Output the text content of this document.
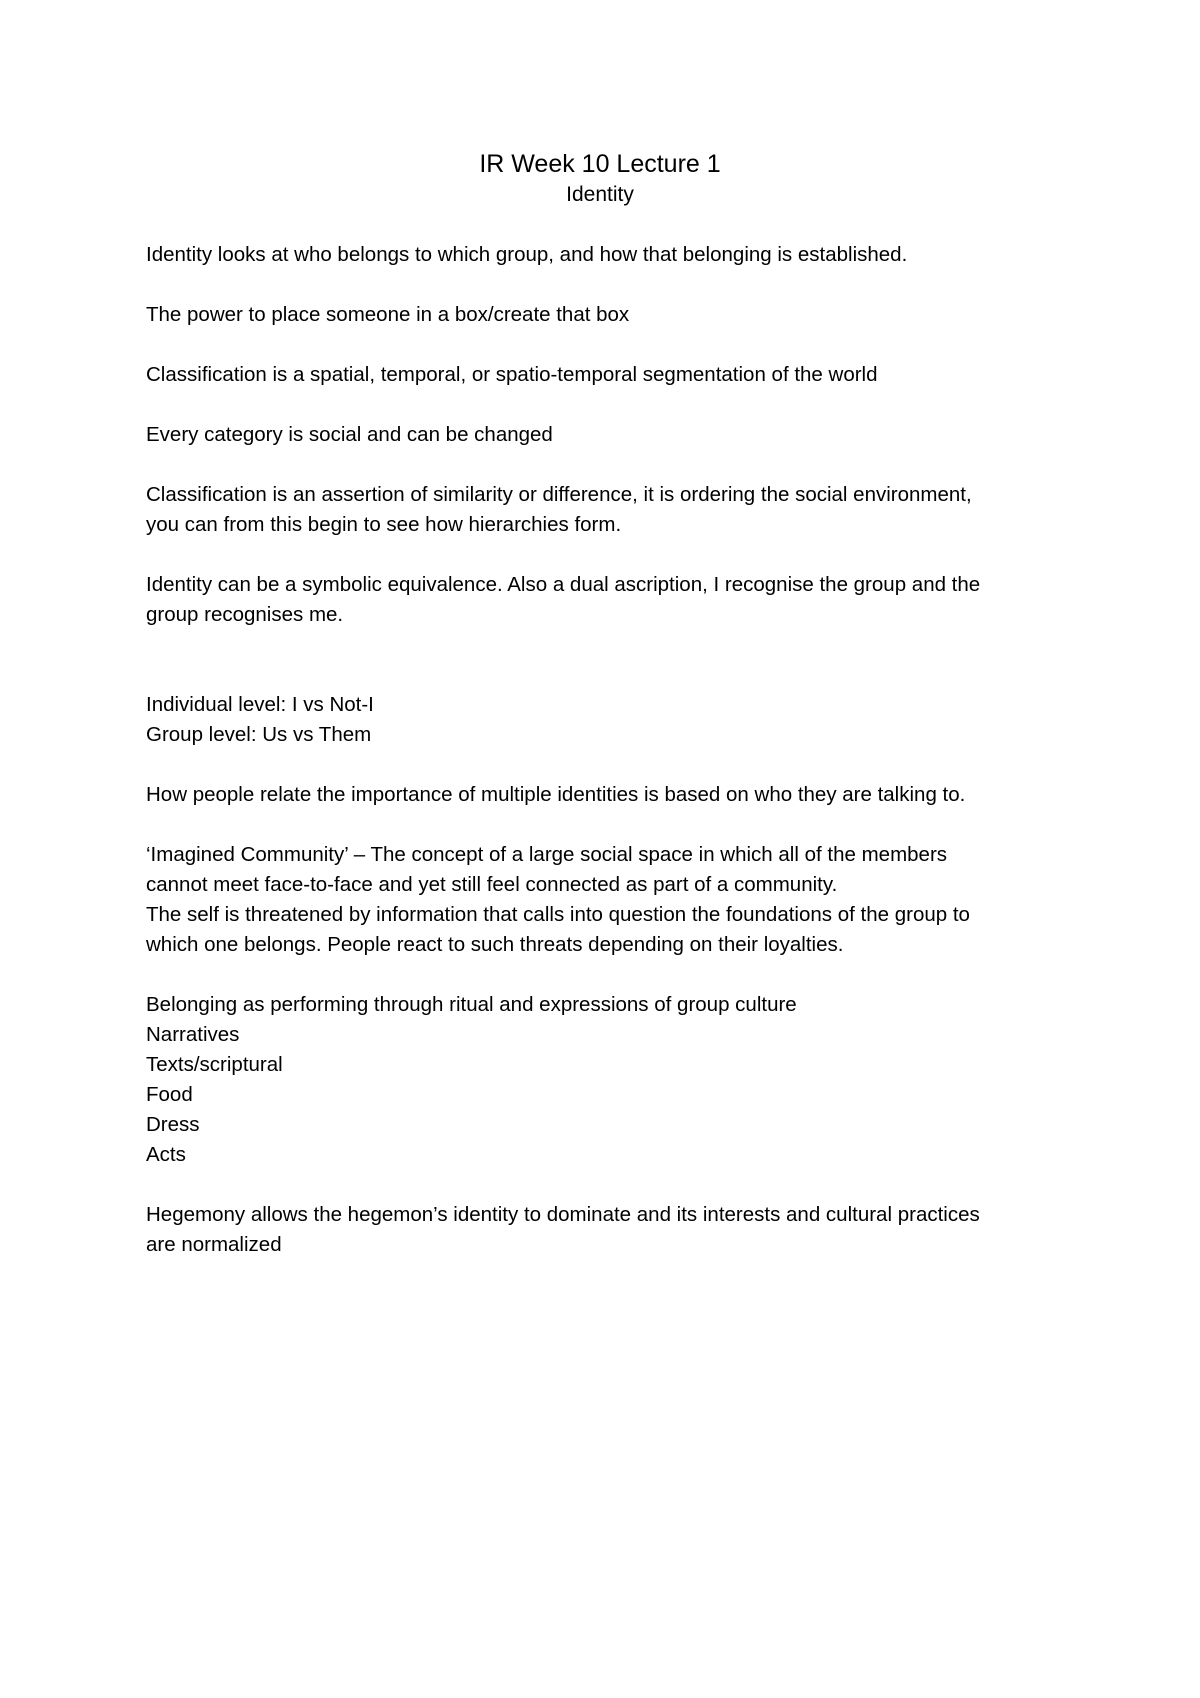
IR Week 10 Lecture 1
Identity

Identity looks at who belongs to which group, and how that belonging is established.

The power to place someone in a box/create that box

Classification is a spatial, temporal, or spatio-temporal segmentation of the world

Every category is social and can be changed

Classification is an assertion of similarity or difference, it is ordering the social environment,
you can from this begin to see how hierarchies form.

Identity can be a symbolic equivalence. Also a dual ascription, I recognise the group and the
group recognises me.

Individual level: I vs Not-I
Group level: Us vs Them

How people relate the importance of multiple identities is based on who they are talking to.

‘Imagined Community’ – The concept of a large social space in which all of the members
cannot meet face-to-face and yet still feel connected as part of a community.
The self is threatened by information that calls into question the foundations of the group to
which one belongs. People react to such threats depending on their loyalties.

Belonging as performing through ritual and expressions of group culture
Narratives
Texts/scriptural
Food
Dress
Acts

Hegemony allows the hegemon’s identity to dominate and its interests and cultural practices
are normalized
